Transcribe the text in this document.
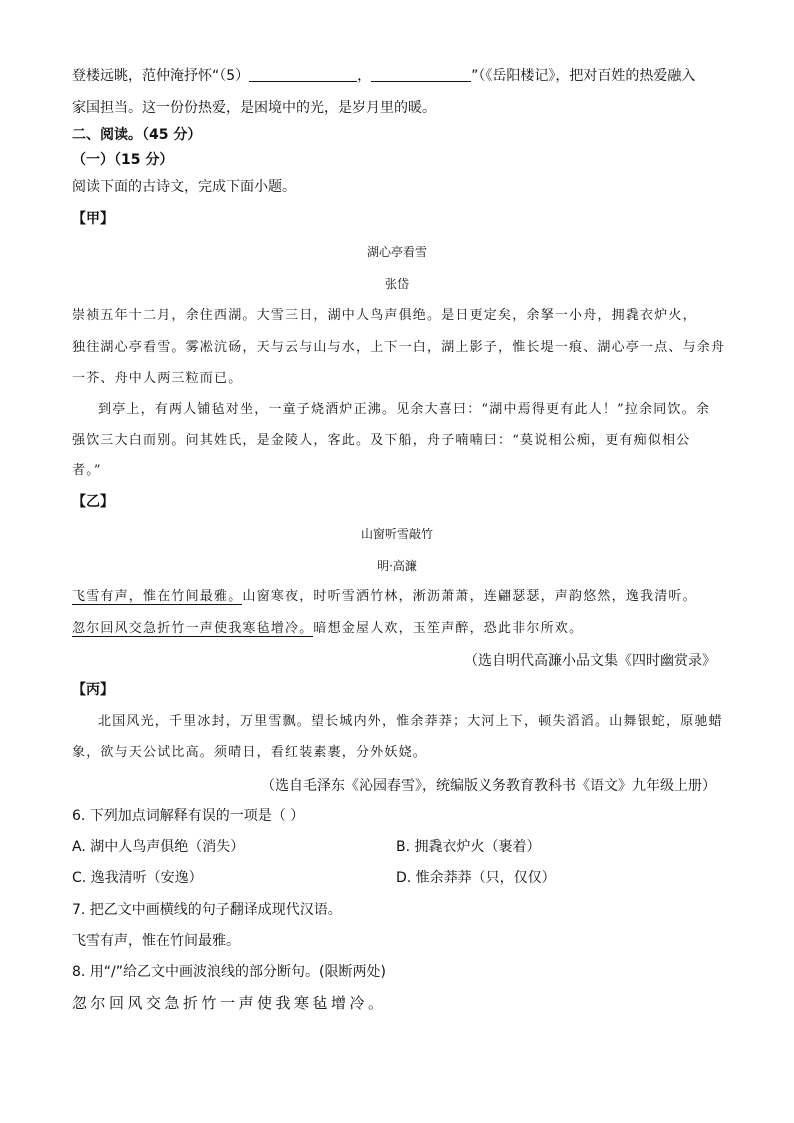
登楼远眺，范仲淹抒怀“（5）	，	”（《岳阳楼记》，把对百姓的热爱融入
家国担当。这一份份热爱，是困境中的光，是岁月里的暖。
二、阅读。（45 分）
（一）（15 分）
阅读下面的古诗文，完成下面小题。
【甲】
湖心亭看雪
张岱
崇祯五年十二月，余住西湖。大雪三日，湖中人鸟声俱绝。是日更定矣，余拏一小舟，拥毳衣炉火，
独往湖心亭看雪。雾凇沆砀，天与云与山与水，上下一白，湖上影子，惟长堤一痕、湖心亭一点、与余舟
一芥、舟中人两三粒而已。
到亭上，有两人铺毡对坐，一童子烧酒炉正沸。见余大喜曰：“湖中焉得更有此人！”拉余同饮。余
强饮三大白而别。问其姓氏，是金陵人，客此。及下船，舟子喃喃曰：“莫说相公痴，更有痴似相公
者。”
【乙】
山窗听雪敲竹
明·高濂
飞雪有声，惟在竹间最雅。山窗寒夜，时听雪洒竹林，淅沥萧萧，连翩瑟瑟，声韵悠然，逸我清听。
忽尔回风交急折竹一声使我寒毡增冷。暗想金屋人欢，玉笙声醉，恐此非尔所欢。
（选自明代高濂小品文集《四时幽赏录》
【丙】
北国风光，千里冰封，万里雪飘。望长城内外，惟余莽莽；大河上下，顿失滔滔。山舞银蛇，原驰蜡
象，欲与天公试比高。须晴日，看红装素裹，分外妖娆。
（选自毛泽东《沁园春雪》，统编版义务教育教科书《语文》九年级上册）
6. 下列加点词解释有误的一项是（ ）
A. 湖中人鸟声俱绝（消失）	B. 拥毳衣炉火（裹着）
C. 逸我清听（安逸）	D. 惟余莽莽（只，仅仅）
7. 把乙文中画横线的句子翻译成现代汉语。
飞雪有声，惟在竹间最雅。
8. 用“/”给乙文中画波浪线的部分断句。(限断两处)
忽尔回风交急折竹一声使我寒毡增冷。
